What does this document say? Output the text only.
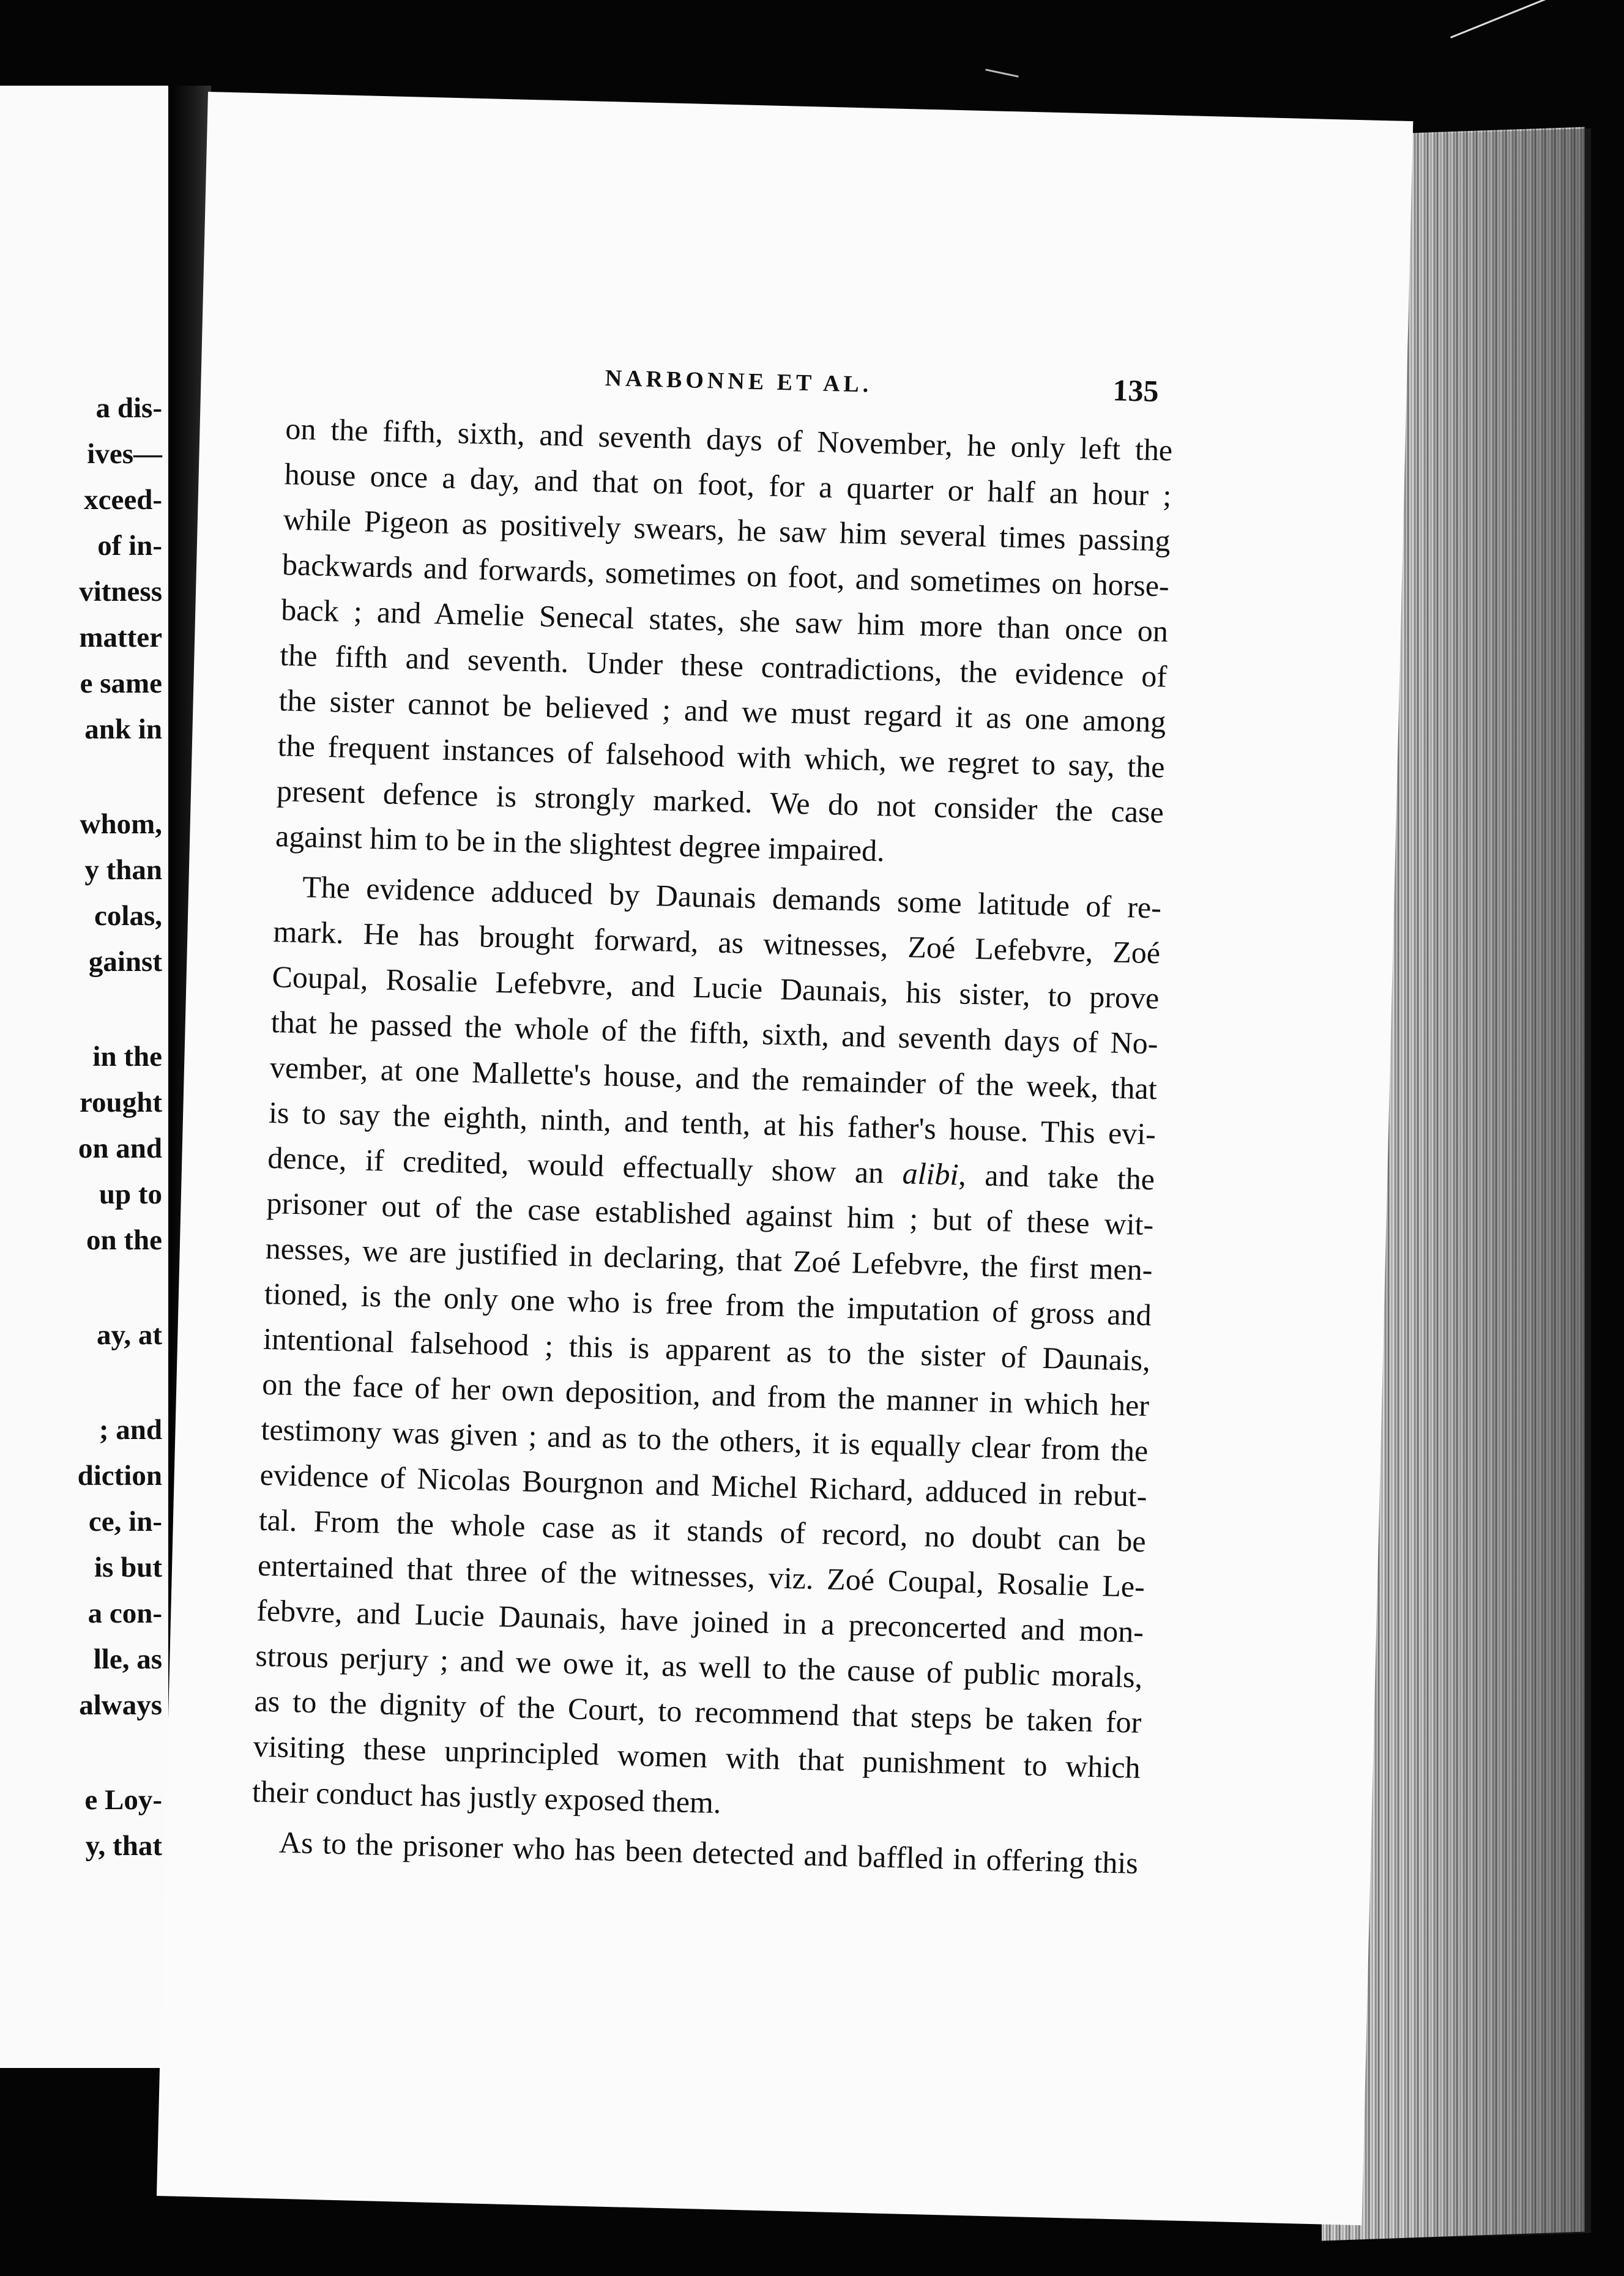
a dis-
ives—
xceed-
of in-
vitness
matter
e same
ank in
whom,
y than
colas,
gainst
in the
rought
on and
up to
on the
ay, at
; and
diction
ce, in-
is but
a con-
lle, as
always
e Loy-
y, that
NARBONNE ET AL.	135
on the fifth, sixth, and seventh days of November, he only left the
house once a day, and that on foot, for a quarter or half an hour ;
while Pigeon as positively swears, he saw him several times passing
backwards and forwards, sometimes on foot, and sometimes on horse-
back ; and Amelie Senecal states, she saw him more than once on
the fifth and seventh. Under these contradictions, the evidence of
the sister cannot be believed ; and we must regard it as one among
the frequent instances of falsehood with which, we regret to say, the
present defence is strongly marked. We do not consider the case
against him to be in the slightest degree impaired.
The evidence adduced by Daunais demands some latitude of re-
mark. He has brought forward, as witnesses, Zoé Lefebvre, Zoé
Coupal, Rosalie Lefebvre, and Lucie Daunais, his sister, to prove
that he passed the whole of the fifth, sixth, and seventh days of No-
vember, at one Mallette's house, and the remainder of the week, that
is to say the eighth, ninth, and tenth, at his father's house. This evi-
dence, if credited, would effectually show an alibi, and take the
prisoner out of the case established against him ; but of these wit-
nesses, we are justified in declaring, that Zoé Lefebvre, the first men-
tioned, is the only one who is free from the imputation of gross and
intentional falsehood ; this is apparent as to the sister of Daunais,
on the face of her own deposition, and from the manner in which her
testimony was given ; and as to the others, it is equally clear from the
evidence of Nicolas Bourgnon and Michel Richard, adduced in rebut-
tal. From the whole case as it stands of record, no doubt can be
entertained that three of the witnesses, viz. Zoé Coupal, Rosalie Le-
febvre, and Lucie Daunais, have joined in a preconcerted and mon-
strous perjury ; and we owe it, as well to the cause of public morals,
as to the dignity of the Court, to recommend that steps be taken for
visiting these unprincipled women with that punishment to which
their conduct has justly exposed them.
As to the prisoner who has been detected and baffled in offering this
